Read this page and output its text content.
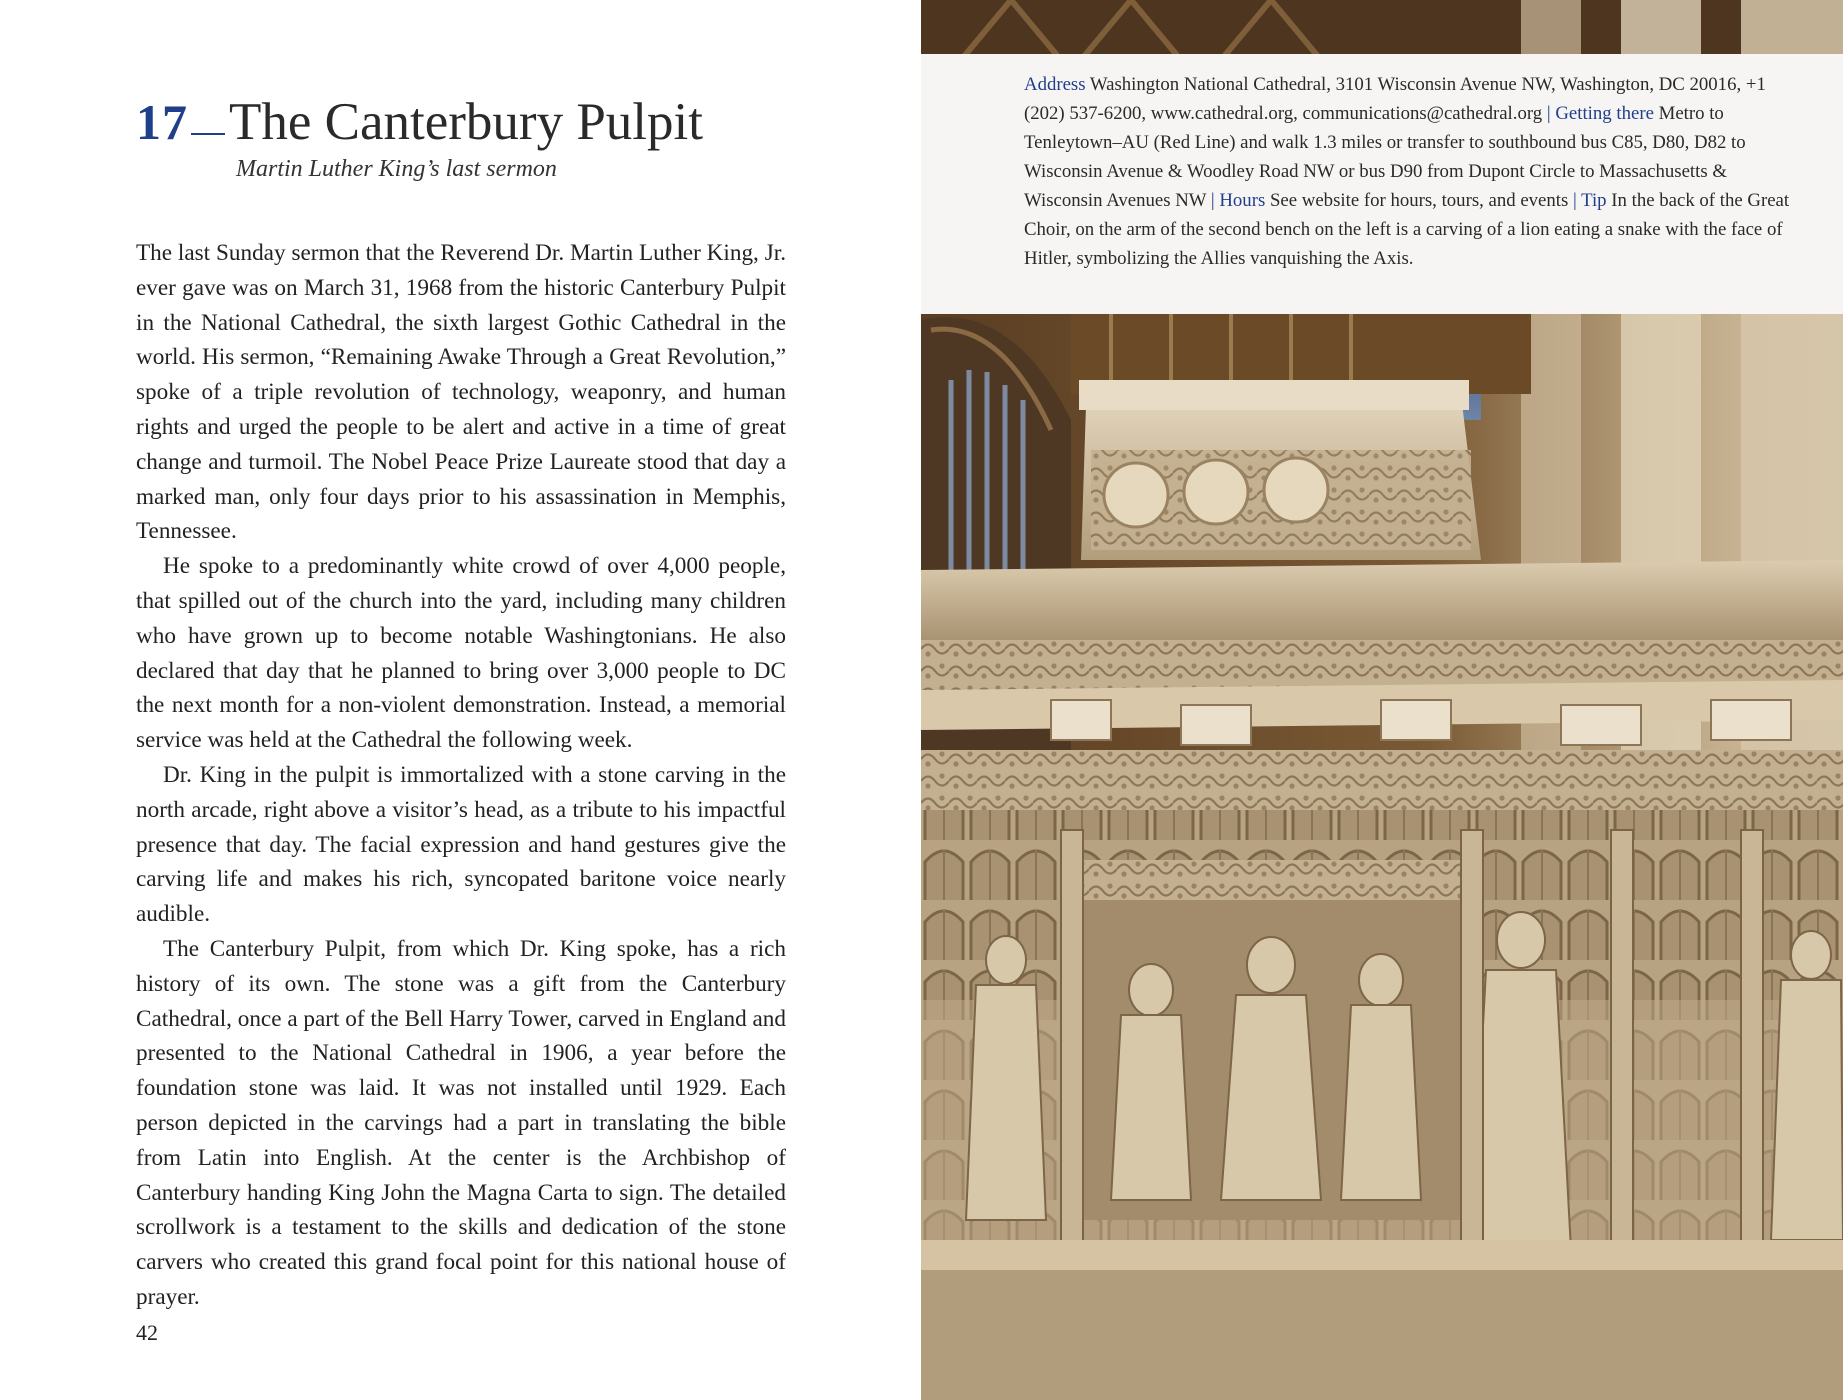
17 The Canterbury Pulpit
Martin Luther King’s last sermon

The last Sunday sermon that the Reverend Dr. Martin Luther King, Jr. ever gave was on March 31, 1968 from the historic Canterbury Pulpit in the National Cathedral, the sixth largest Gothic Cathedral in the world. His sermon, “Remaining Awake Through a Great Revolution,” spoke of a triple revolution of technology, weaponry, and human rights and urged the people to be alert and active in a time of great change and turmoil. The Nobel Peace Prize Laureate stood that day a marked man, only four days prior to his assassination in Memphis, Tennessee.

He spoke to a predominantly white crowd of over 4,000 people, that spilled out of the church into the yard, including many children who have grown up to become notable Washingtonians. He also declared that day that he planned to bring over 3,000 people to DC the next month for a non-violent demonstration. Instead, a memorial service was held at the Cathedral the following week.

Dr. King in the pulpit is immortalized with a stone carving in the north arcade, right above a visitor’s head, as a tribute to his impactful presence that day. The facial expression and hand gestures give the carving life and makes his rich, syncopated baritone voice nearly audible.

The Canterbury Pulpit, from which Dr. King spoke, has a rich history of its own. The stone was a gift from the Canterbury Cathedral, once a part of the Bell Harry Tower, carved in England and presented to the National Cathedral in 1906, a year before the foundation stone was laid. It was not installed until 1929. Each person depicted in the carvings had a part in translating the bible from Latin into English. At the center is the Archbishop of Canterbury handing King John the Magna Carta to sign. The detailed scrollwork is a testament to the skills and dedication of the stone carvers who created this grand focal point for this national house of prayer.

42
Address Washington National Cathedral, 3101 Wisconsin Avenue NW, Washington, DC 20016, +1 (202) 537-6200, www.cathedral.org, communications@cathedral.org | Getting there Metro to Tenleytown–AU (Red Line) and walk 1.3 miles or transfer to southbound bus C85, D80, D82 to Wisconsin Avenue & Woodley Road NW or bus D90 from Dupont Circle to Massachusetts & Wisconsin Avenues NW | Hours See website for hours, tours, and events | Tip In the back of the Great Choir, on the arm of the second bench on the left is a carving of a lion eating a snake with the face of Hitler, symbolizing the Allies vanquishing the Axis.
